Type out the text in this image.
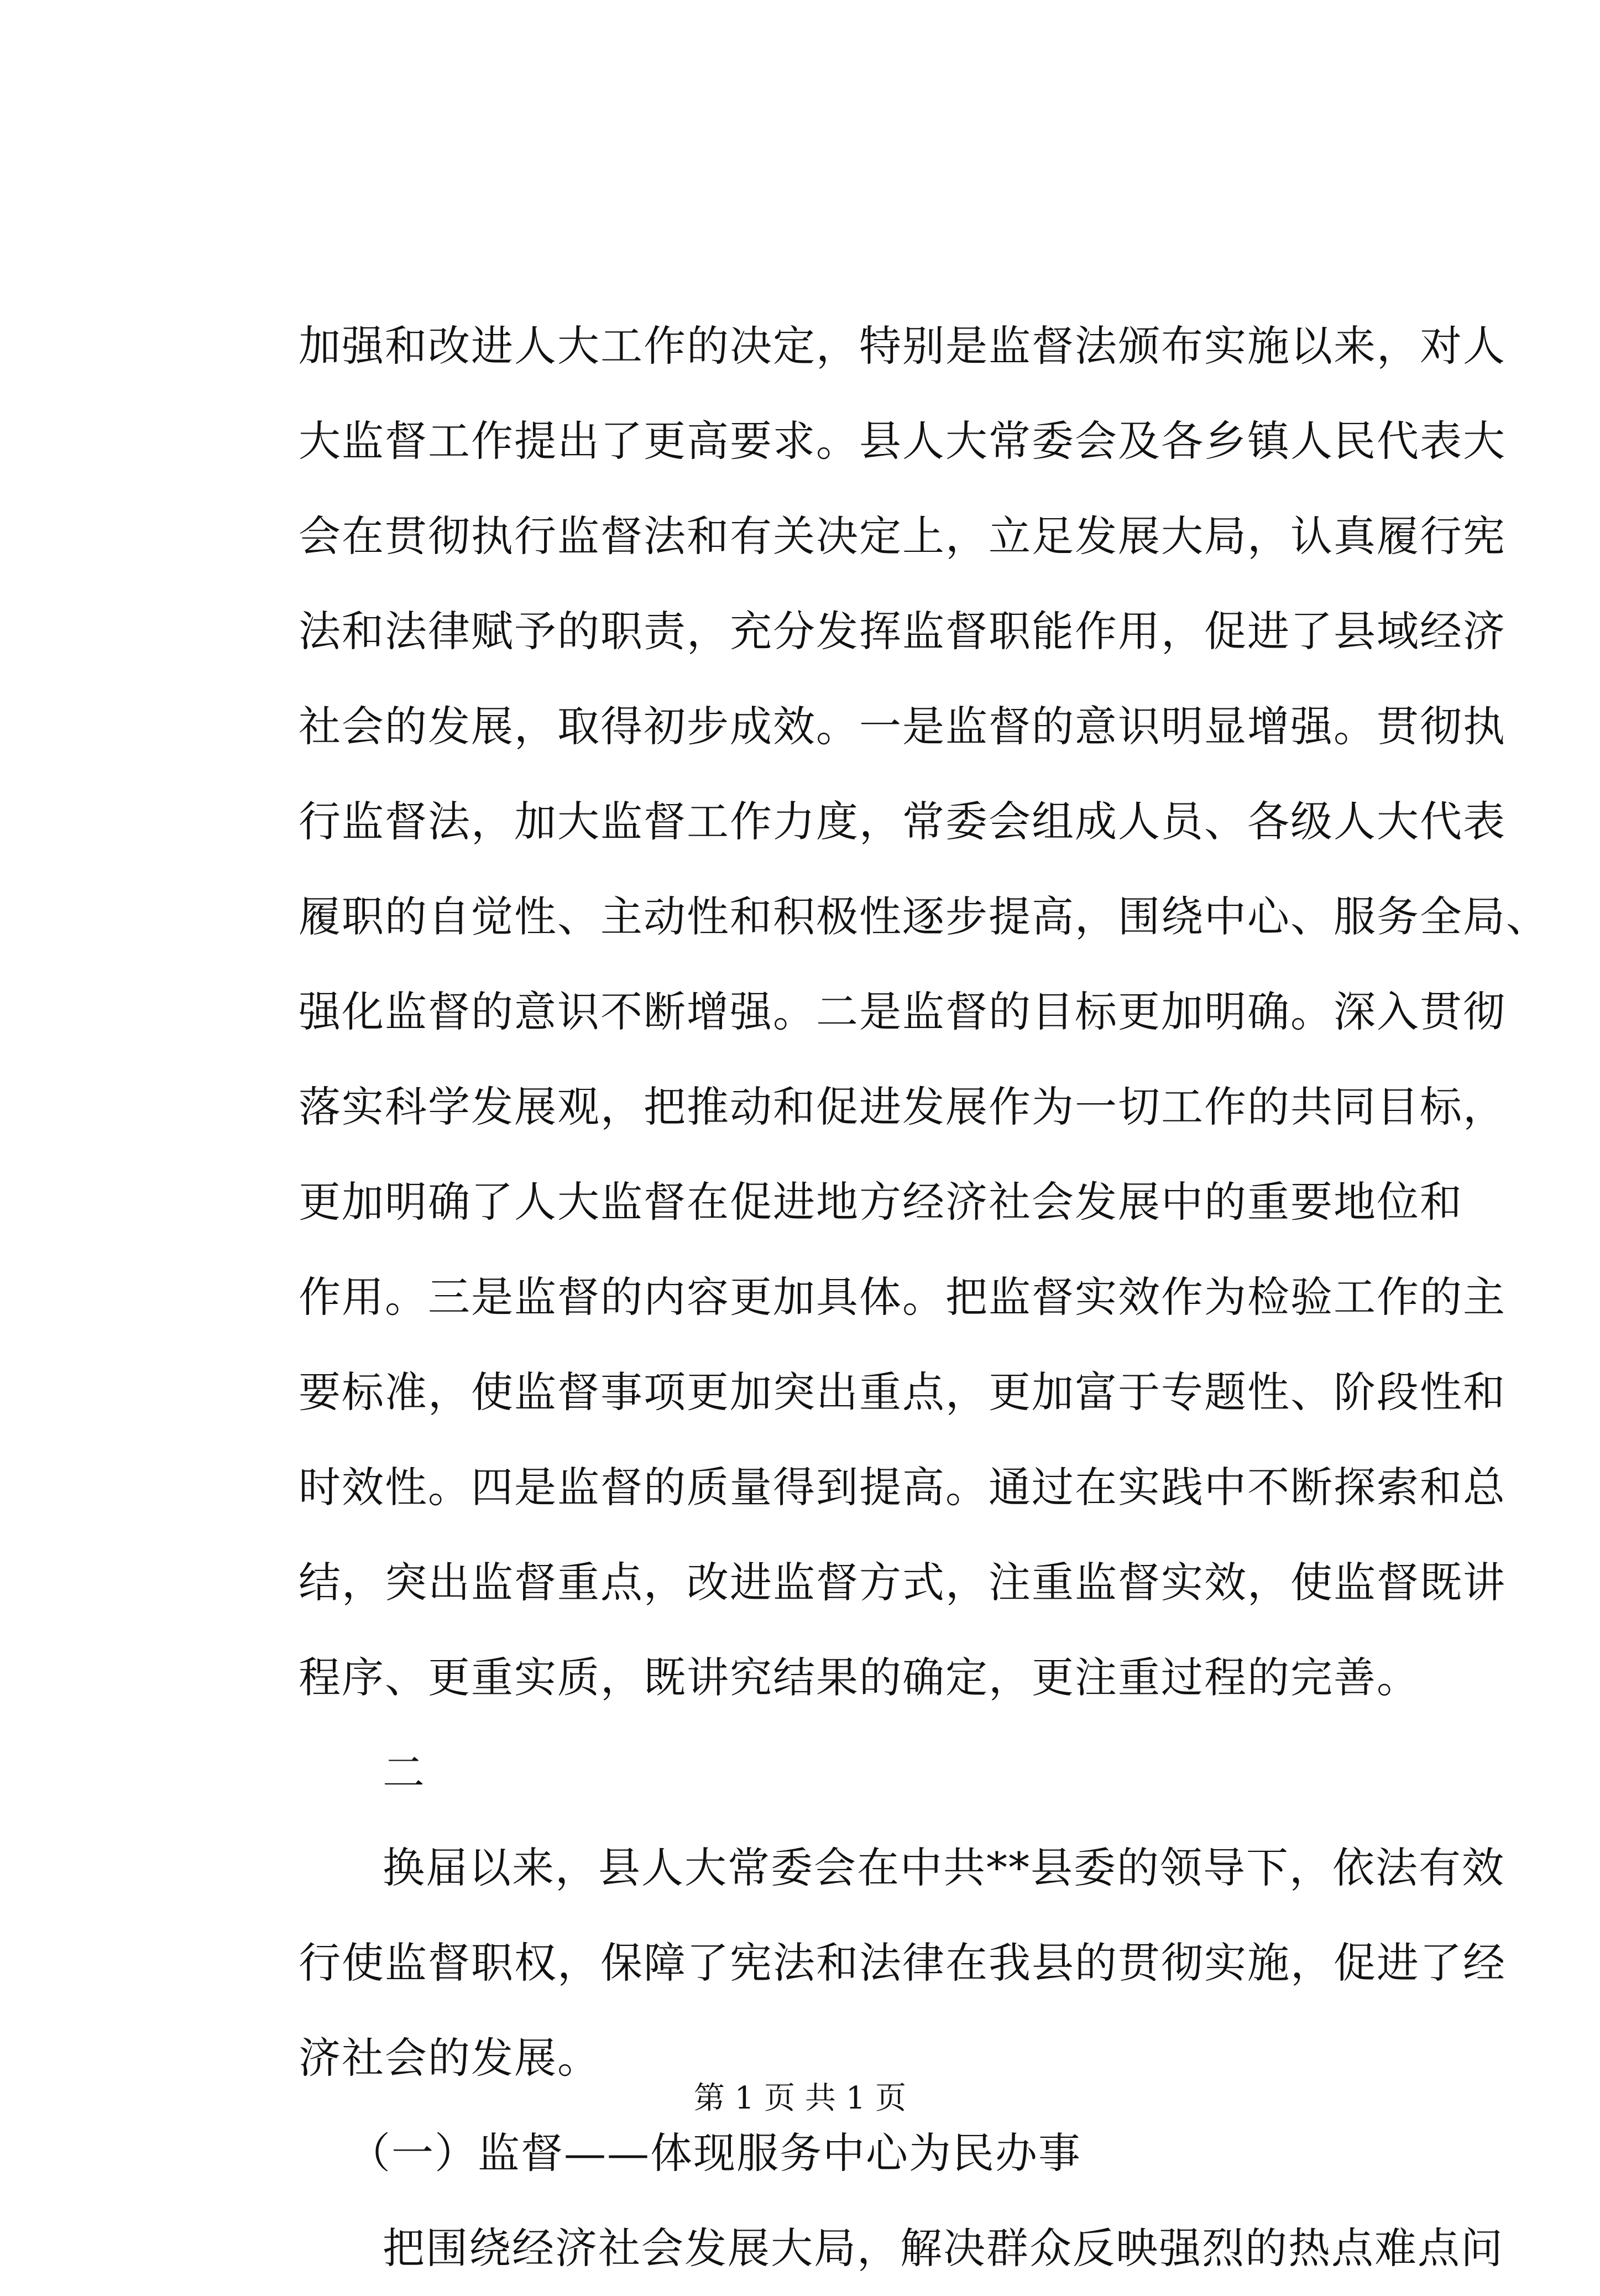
加强和改进人大工作的决定，特别是监督法颁布实施以来，对人
大监督工作提出了更高要求。县人大常委会及各乡镇人民代表大
会在贯彻执行监督法和有关决定上，立足发展大局，认真履行宪
法和法律赋予的职责，充分发挥监督职能作用，促进了县域经济
社会的发展，取得初步成效。一是监督的意识明显增强。贯彻执
行监督法，加大监督工作力度，常委会组成人员、各级人大代表
履职的自觉性、主动性和积极性逐步提高，围绕中心、服务全局、
强化监督的意识不断增强。二是监督的目标更加明确。深入贯彻
落实科学发展观，把推动和促进发展作为一切工作的共同目标，
更加明确了人大监督在促进地方经济社会发展中的重要地位和
作用。三是监督的内容更加具体。把监督实效作为检验工作的主
要标准，使监督事项更加突出重点，更加富于专题性、阶段性和
时效性。四是监督的质量得到提高。通过在实践中不断探索和总
结，突出监督重点，改进监督方式，注重监督实效，使监督既讲
程序、更重实质，既讲究结果的确定，更注重过程的完善。
二
换届以来，县人大常委会在中共**县委的领导下，依法有效
行使监督职权，保障了宪法和法律在我县的贯彻实施，促进了经
济社会的发展。
（一）监督——体现服务中心为民办事
把围绕经济社会发展大局，解决群众反映强烈的热点难点问
第 1 页 共 1 页
